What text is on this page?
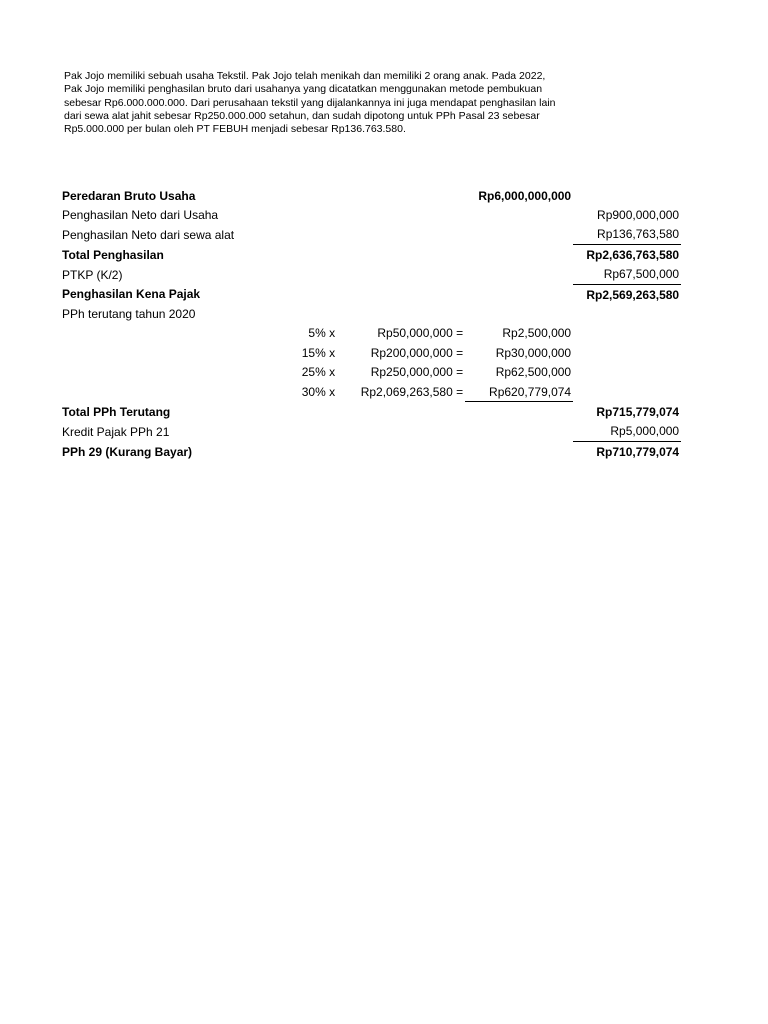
Pak Jojo memiliki sebuah usaha Tekstil. Pak Jojo telah menikah dan memiliki 2 orang anak. Pada 2022,
Pak Jojo memiliki penghasilan bruto dari usahanya yang dicatatkan menggunakan metode pembukuan
sebesar Rp6.000.000.000. Dari perusahaan tekstil yang dijalankannya ini juga mendapat penghasilan lain
dari sewa alat jahit sebesar Rp250.000.000 setahun, dan sudah dipotong untuk PPh Pasal 23 sebesar
Rp5.000.000 per bulan oleh PT FEBUH menjadi sebesar Rp136.763.580.
Peredaran Bruto Usaha			Rp6,000,000,000	
Penghasilan Neto dari Usaha				Rp900,000,000
Penghasilan Neto dari sewa alat				Rp136,763,580
Total Penghasilan				Rp2,636,763,580
PTKP (K/2)				Rp67,500,000
Penghasilan Kena Pajak				Rp2,569,263,580
PPh terutang tahun 2020				
	5% x	Rp50,000,000 =	Rp2,500,000	
	15% x	Rp200,000,000 =	Rp30,000,000	
	25% x	Rp250,000,000 =	Rp62,500,000	
	30% x	Rp2,069,263,580 =	Rp620,779,074	
Total PPh Terutang				Rp715,779,074
Kredit Pajak PPh 21				Rp5,000,000
PPh 29 (Kurang Bayar)				Rp710,779,074
